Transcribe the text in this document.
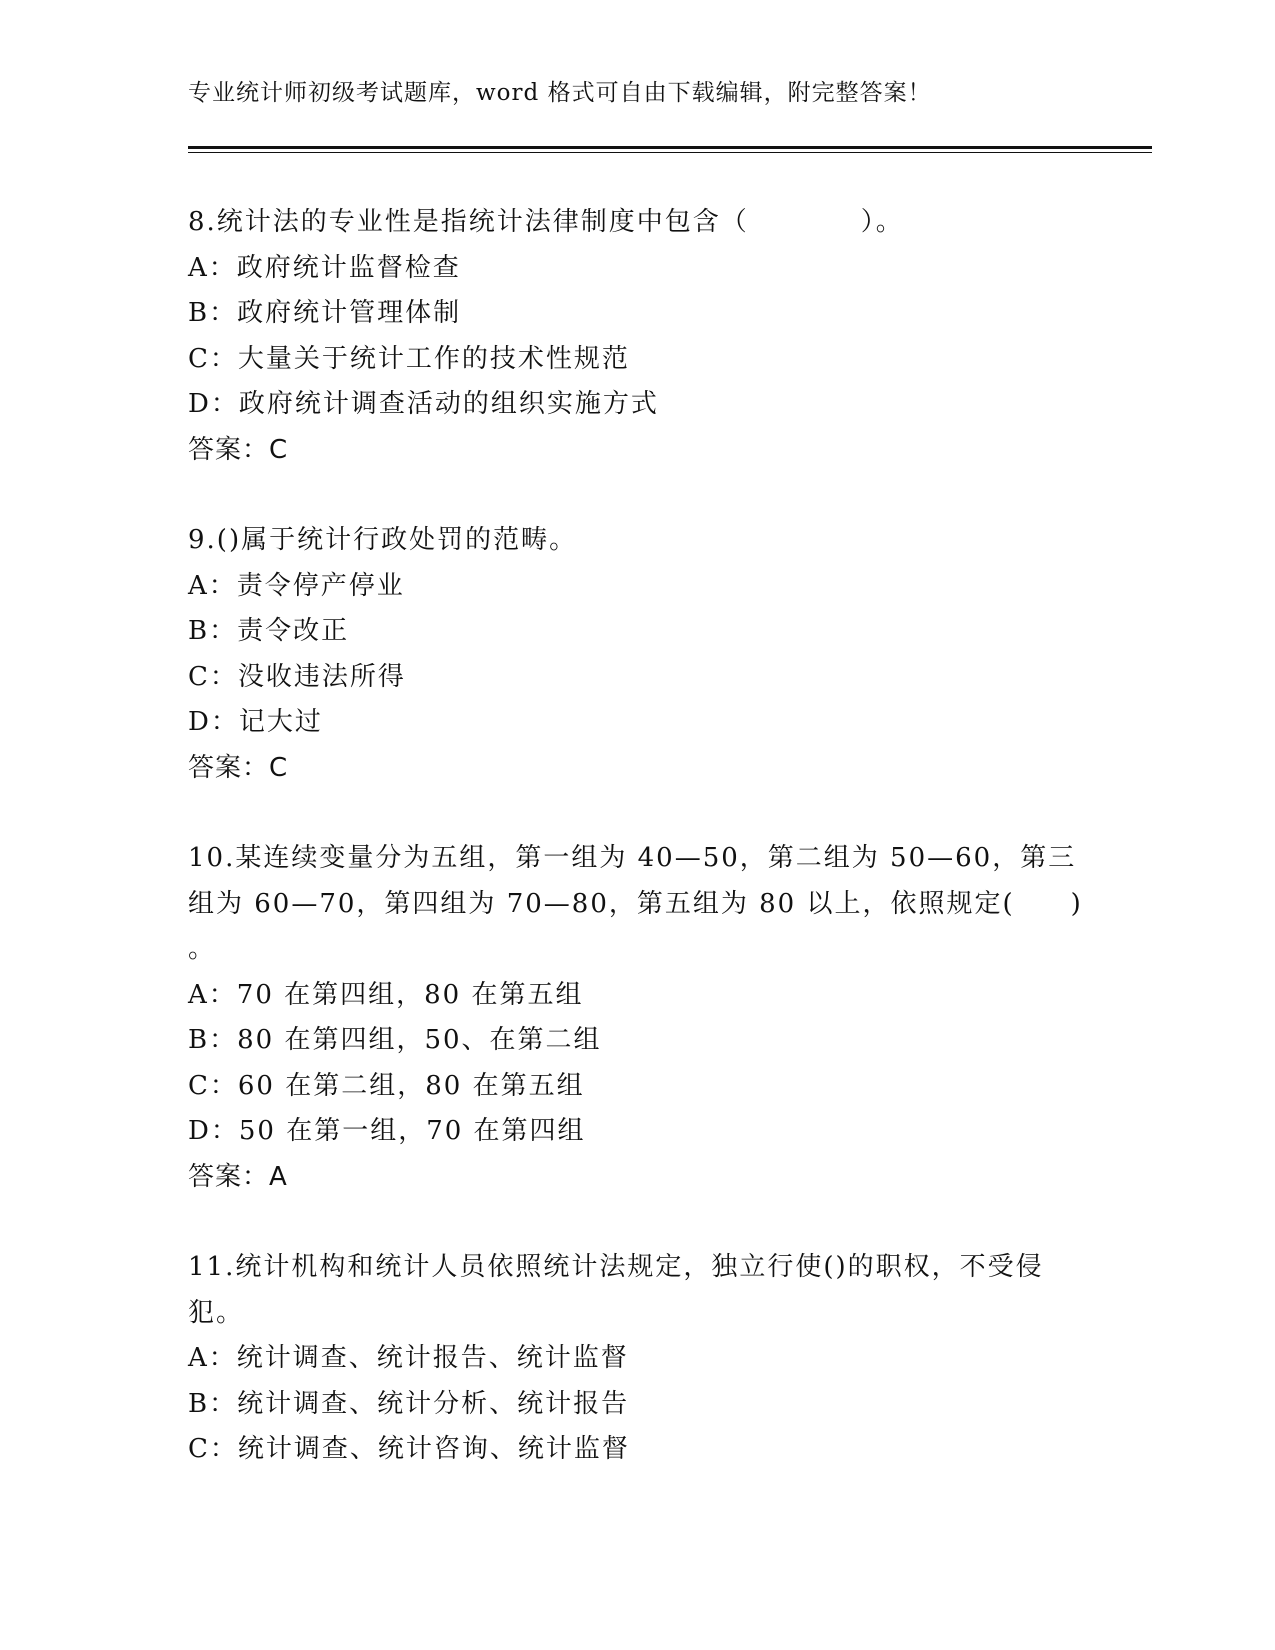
专业统计师初级考试题库，word 格式可自由下载编辑，附完整答案！

8.统计法的专业性是指统计法律制度中包含（　　　　）。

A：政府统计监督检查

B：政府统计管理体制

C：大量关于统计工作的技术性规范

D：政府统计调查活动的组织实施方式

答案：C

9.()属于统计行政处罚的范畴。

A：责令停产停业

B：责令改正

C：没收违法所得

D：记大过

答案：C

10.某连续变量分为五组，第一组为 40—50，第二组为 50—60，第三

组为 60—70，第四组为 70—80，第五组为 80 以上，依照规定(　　)

。

A：70 在第四组，80 在第五组

B：80 在第四组，50、在第二组

C：60 在第二组，80 在第五组

D：50 在第一组，70 在第四组

答案：A

11.统计机构和统计人员依照统计法规定，独立行使()的职权，不受侵

犯。

A：统计调查、统计报告、统计监督

B：统计调查、统计分析、统计报告

C：统计调查、统计咨询、统计监督
